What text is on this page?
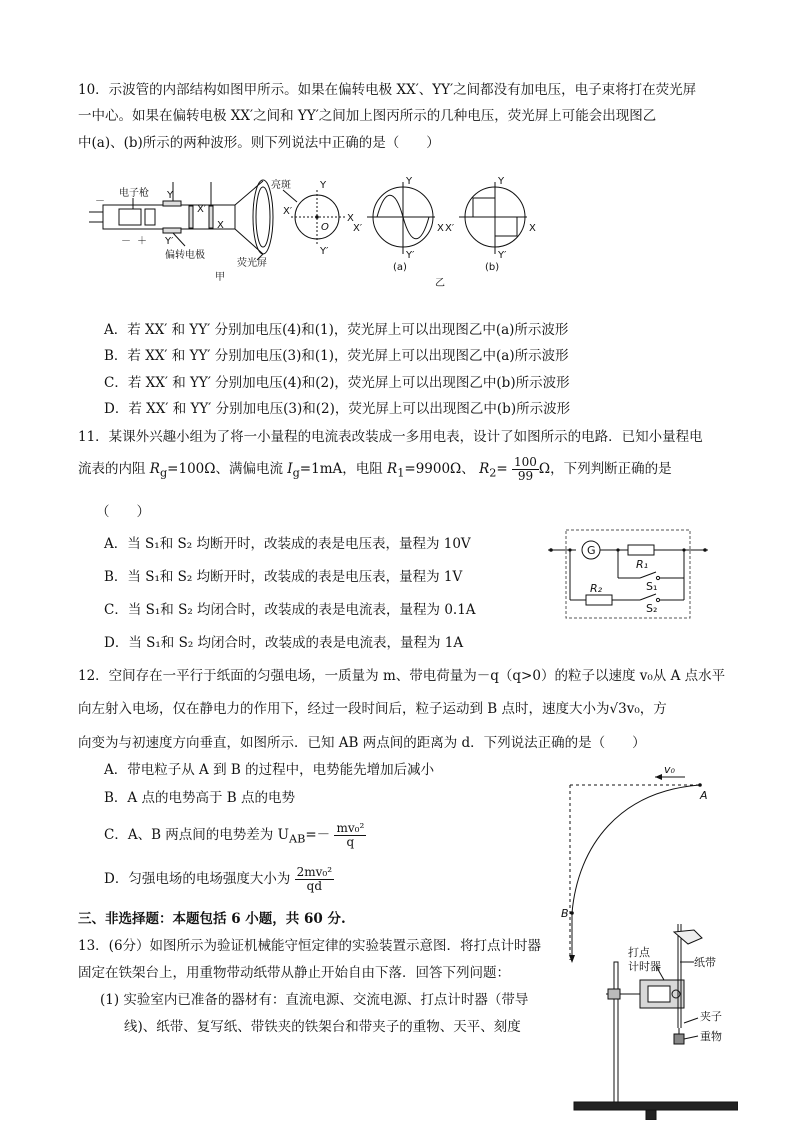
10．示波管的内部结构如图甲所示。如果在偏转电极 XX′、YY′之间都没有加电压，电子束将打在荧光屏
一中心。如果在偏转电极 XX′之间和 YY′之间加上图丙所示的几种电压，荧光屏上可能会出现图乙
中(a)、(b)所示的两种波形。则下列说法中正确的是（　　）
电子枪
亮斑
偏转电极
荧光屏
甲
乙
－
－ ＋
Y
Y′
X′
X
Y
Y′
X′
X
O
Y
Y′
X′	X
(a)
Y
Y′
X′	X
(b)
A．若 XX′ 和 YY′ 分别加电压(4)和(1)，荧光屏上可以出现图乙中(a)所示波形
B．若 XX′ 和 YY′ 分别加电压(3)和(1)，荧光屏上可以出现图乙中(a)所示波形
C．若 XX′ 和 YY′ 分别加电压(4)和(2)，荧光屏上可以出现图乙中(b)所示波形
D．若 XX′ 和 YY′ 分别加电压(3)和(2)，荧光屏上可以出现图乙中(b)所示波形
11．某课外兴趣小组为了将一小量程的电流表改装成一多用电表，设计了如图所示的电路．已知小量程电
流表的内阻 $R_g=100\Omega$、满偏电流 $I_g=1mA$，电阻 $R_1=9900\Omega$、 $R_2= \frac{100}{99}$ Ω，下列判断正确的是
（　　）
A．当 S₁和 S₂ 均断开时，改装成的表是电压表，量程为 10V
B．当 S₁和 S₂ 均断开时，改装成的表是电压表，量程为 1V
C．当 S₁和 S₂ 均闭合时，改装成的表是电流表，量程为 0.1A
D．当 S₁和 S₂ 均闭合时，改装成的表是电流表，量程为 1A
G
R₁
S₁
R₂
S₂
12．空间存在一平行于纸面的匀强电场，一质量为 m、带电荷量为－q（q>0）的粒子以速度 v₀从 A 点水平
向左射入电场，仅在静电力的作用下，经过一段时间后，粒子运动到 B 点时，速度大小为√3v₀，方
向变为与初速度方向垂直，如图所示．已知 AB 两点间的距离为 d．下列说法正确的是（　　）
A．带电粒子从 A 到 B 的过程中，电势能先增加后减小
B．A 点的电势高于 B 点的电势
C．A、B 两点间的电势差为 $U_{AB}=- \frac{\text{mv₀²}}{q}$
D．匀强电场的电场强度大小为 $\frac{\text{2mv₀²}}{qd}$
v₀
A
B
三、非选择题：本题包括 6 小题，共 60 分.
13．(6分）如图所示为验证机械能守恒定律的实验装置示意图．将打点计时器
固定在铁架台上，用重物带动纸带从静止开始自由下落．回答下列问题：
(1) 实验室内已准备的器材有：直流电源、交流电源、打点计时器（带导
线)、纸带、复写纸、带铁夹的铁架台和带夹子的重物、天平、刻度
打点
计时器	纸带
夹子
重物
